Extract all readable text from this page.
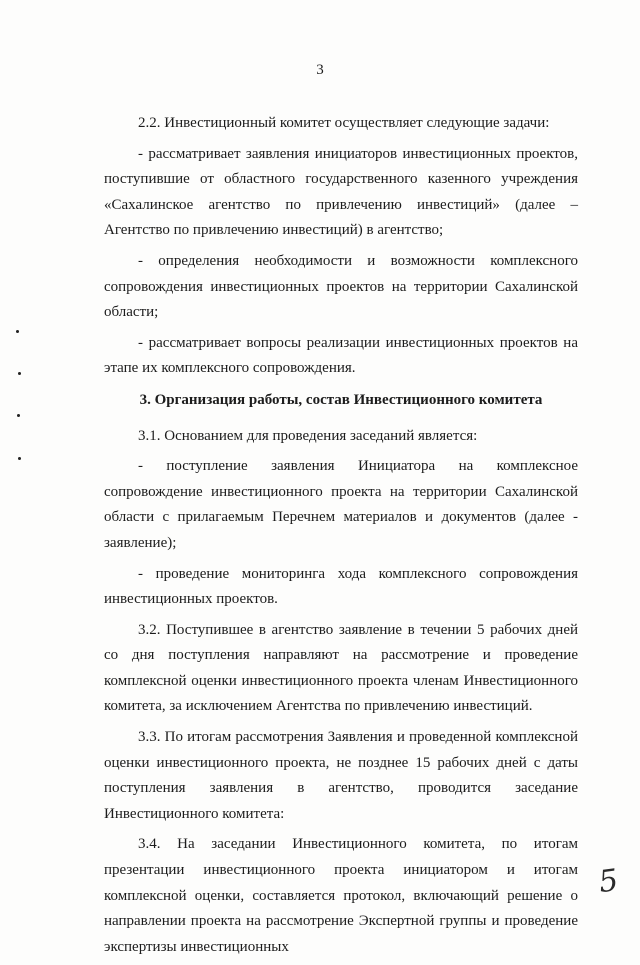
3

2.2. Инвестиционный комитет осуществляет следующие задачи:

- рассматривает заявления инициаторов инвестиционных проектов, поступившие от областного государственного казенного учреждения «Сахалинское агентство по привлечению инвестиций» (далее – Агентство по привлечению инвестиций) в агентство;

- определения необходимости и возможности комплексного сопровождения инвестиционных проектов на территории Сахалинской области;

- рассматривает вопросы реализации инвестиционных проектов на этапе их комплексного сопровождения.

3. Организация работы, состав Инвестиционного комитета

3.1. Основанием для проведения заседаний является:

- поступление заявления Инициатора на комплексное сопровождение инвестиционного проекта на территории Сахалинской области с прилагаемым Перечнем материалов и документов (далее - заявление);

- проведение мониторинга хода комплексного сопровождения инвестиционных проектов.

3.2. Поступившее в агентство заявление в течении 5 рабочих дней со дня поступления направляют на рассмотрение и проведение комплексной оценки инвестиционного проекта членам Инвестиционного комитета, за исключением Агентства по привлечению инвестиций.

3.3. По итогам рассмотрения Заявления и проведенной комплексной оценки инвестиционного проекта, не позднее 15 рабочих дней с даты поступления заявления в агентство, проводится заседание Инвестиционного комитета:

3.4. На заседании Инвестиционного комитета, по итогам презентации инвестиционного проекта инициатором и итогам комплексной оценки, составляется протокол, включающий решение о направлении проекта на рассмотрение Экспертной группы и проведение экспертизы инвестиционных

5
